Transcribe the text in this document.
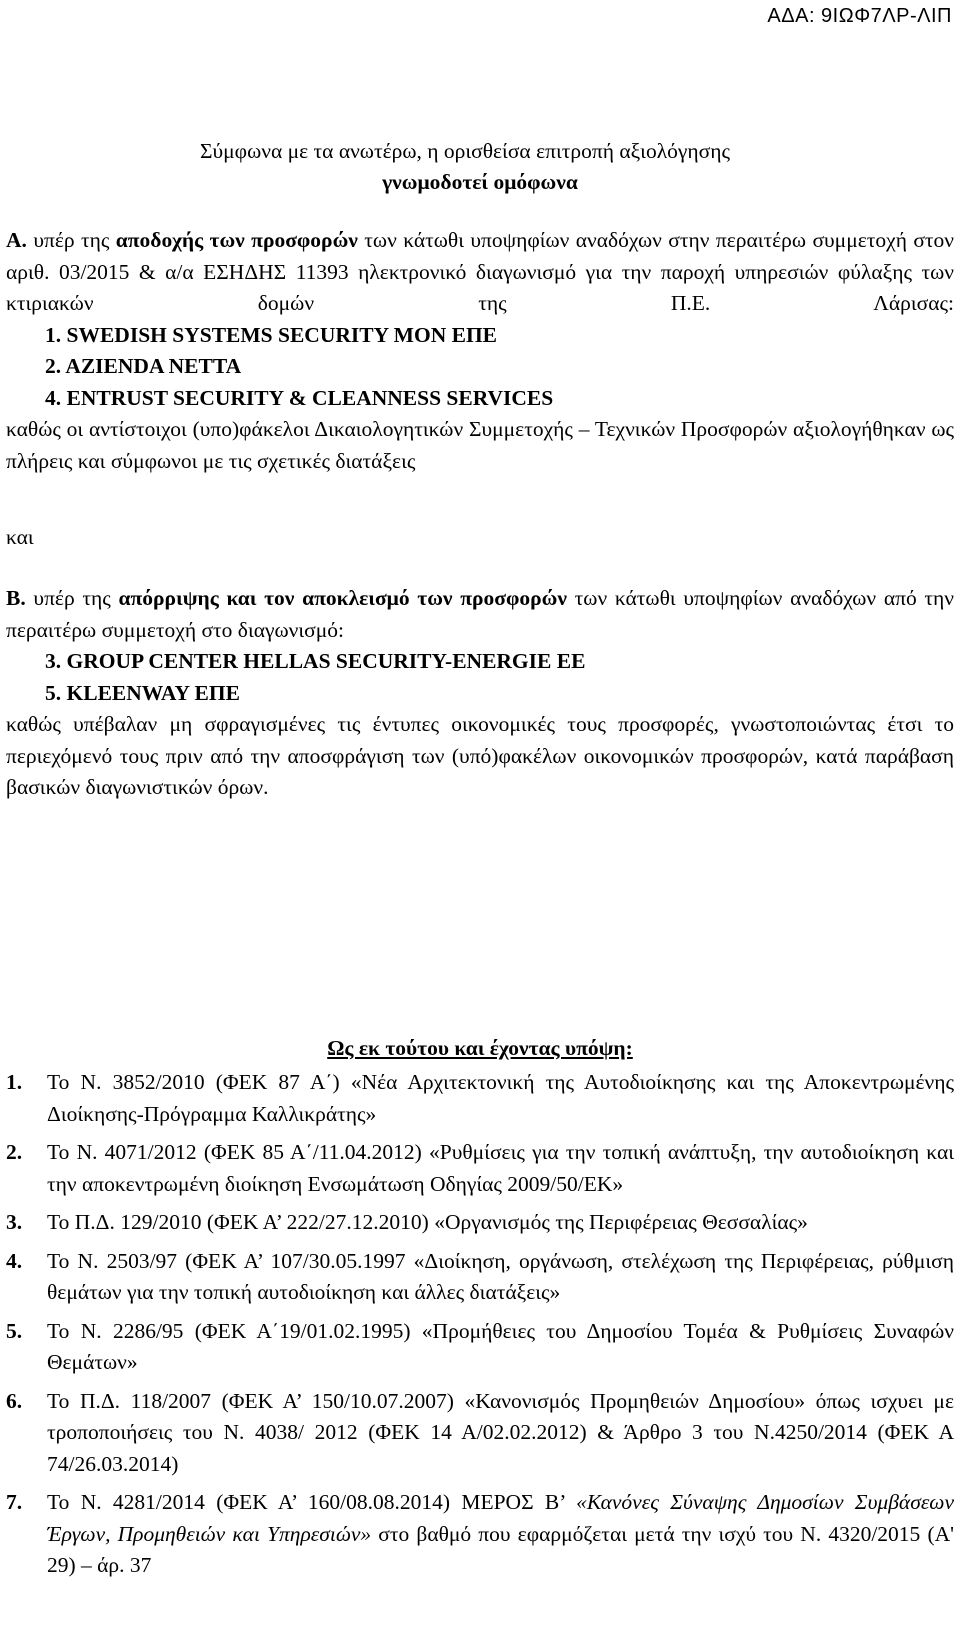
ΑΔΑ: 9ΙΩΦ7ΛΡ-ΛΙΠ
Σύμφωνα με τα ανωτέρω, η ορισθείσα επιτροπή αξιολόγησης
γνωμοδοτεί ομόφωνα
Α. υπέρ της αποδοχής των προσφορών των κάτωθι υποψηφίων αναδόχων στην περαιτέρω συμμετοχή στον αριθ. 03/2015 & α/α ΕΣΗΔΗΣ 11393 ηλεκτρονικό διαγωνισμό για την παροχή υπηρεσιών φύλαξης των κτιριακών δομών της Π.Ε. Λάρισας:
1. SWEDISH SYSTEMS SECURITY ΜΟΝ ΕΠΕ
2. AZIENDA NETTA
4. ENTRUST SECURITY & CLEANNESS SERVICES
καθώς οι αντίστοιχοι (υπο)φάκελοι Δικαιολογητικών Συμμετοχής – Τεχνικών Προσφορών αξιολογήθηκαν ως πλήρεις και σύμφωνοι με τις σχετικές διατάξεις
και
Β. υπέρ της απόρριψης και τον αποκλεισμό των προσφορών των κάτωθι υποψηφίων αναδόχων από την περαιτέρω συμμετοχή στο διαγωνισμό:
3. GROUP CENTER HELLAS SECURITY-ENERGIE EE
5. KLEENWAY ΕΠΕ
καθώς υπέβαλαν μη σφραγισμένες τις έντυπες οικονομικές τους προσφορές, γνωστοποιώντας έτσι το περιεχόμενό τους πριν από την αποσφράγιση των (υπό)φακέλων οικονομικών προσφορών, κατά παράβαση βασικών διαγωνιστικών όρων.
Ως εκ τούτου και έχοντας υπόψη:
1. Το Ν. 3852/2010 (ΦΕΚ 87 Α΄) «Νέα Αρχιτεκτονική της Αυτοδιοίκησης και της Αποκεντρωμένης Διοίκησης-Πρόγραμμα Καλλικράτης»
2. Το Ν. 4071/2012 (ΦΕΚ 85 Α΄/11.04.2012) «Ρυθμίσεις για την τοπική ανάπτυξη, την αυτοδιοίκηση και την αποκεντρωμένη διοίκηση Ενσωμάτωση Οδηγίας 2009/50/ΕΚ»
3. Το Π.Δ. 129/2010 (ΦΕΚ Α’ 222/27.12.2010) «Οργανισμός της Περιφέρειας Θεσσαλίας»
4. Το Ν. 2503/97 (ΦΕΚ Α’ 107/30.05.1997 «Διοίκηση, οργάνωση, στελέχωση της Περιφέρειας, ρύθμιση θεμάτων για την τοπική αυτοδιοίκηση και άλλες διατάξεις»
5. Το Ν. 2286/95 (ΦΕΚ Α΄19/01.02.1995) «Προμήθειες του Δημοσίου Τομέα & Ρυθμίσεις Συναφών Θεμάτων»
6. Το Π.Δ. 118/2007 (ΦΕΚ Α’ 150/10.07.2007) «Κανονισμός Προμηθειών Δημοσίου» όπως ισχυει με τροποποιήσεις του Ν. 4038/ 2012 (ΦΕΚ 14 Α/02.02.2012) & Άρθρο 3 του Ν.4250/2014 (ΦΕΚ Α 74/26.03.2014)
7. Το Ν. 4281/2014 (ΦΕΚ Α’ 160/08.08.2014) ΜΕΡΟΣ Β’ «Κανόνες Σύναψης Δημοσίων Συμβάσεων Έργων, Προμηθειών και Υπηρεσιών» στο βαθμό που εφαρμόζεται μετά την ισχύ του Ν. 4320/2015 (Α' 29) – άρ. 37
